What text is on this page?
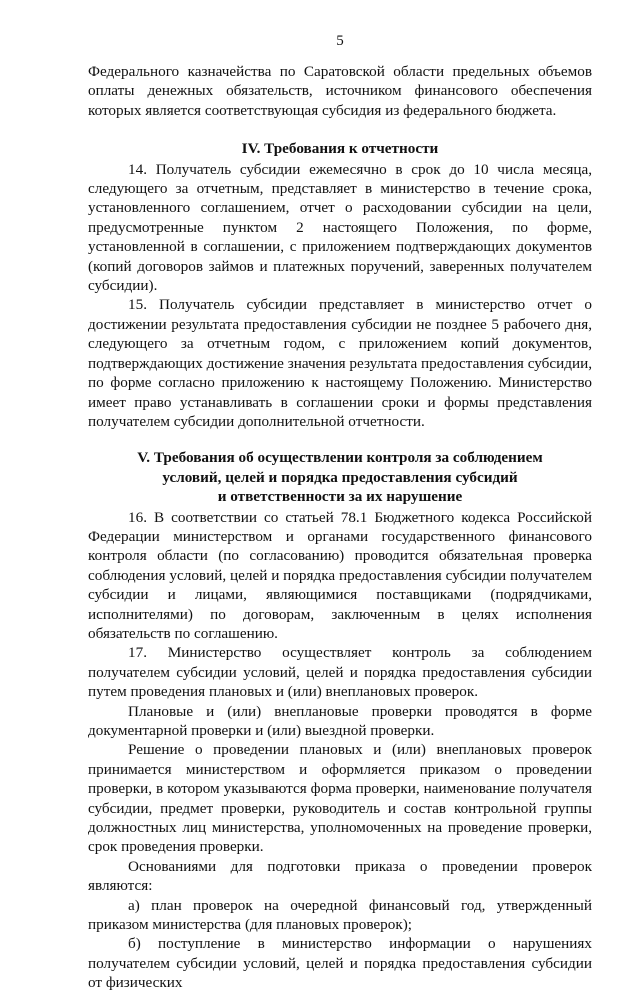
5

Федерального казначейства по Саратовской области предельных объемов оплаты денежных обязательств, источником финансового обеспечения которых является соответствующая субсидия из федерального бюджета.

IV. Требования к отчетности

14. Получатель субсидии ежемесячно в срок до 10 числа месяца, следующего за отчетным, представляет в министерство в течение срока, установленного соглашением, отчет о расходовании субсидии на цели, предусмотренные пунктом 2 настоящего Положения, по форме, установленной в соглашении, с приложением подтверждающих документов (копий договоров займов и платежных поручений, заверенных получателем субсидии).

15. Получатель субсидии представляет в министерство отчет о достижении результата предоставления субсидии не позднее 5 рабочего дня, следующего за отчетным годом, с приложением копий документов, подтверждающих достижение значения результата предоставления субсидии, по форме согласно приложению к настоящему Положению. Министерство имеет право устанавливать в соглашении сроки и формы представления получателем субсидии дополнительной отчетности.

V. Требования об осуществлении контроля за соблюдением

условий, целей и порядка предоставления субсидий

и ответственности за их нарушение

16. В соответствии со статьей 78.1 Бюджетного кодекса Российской Федерации министерством и органами государственного финансового контроля области (по согласованию) проводится обязательная проверка соблюдения условий, целей и порядка предоставления субсидии получателем субсидии и лицами, являющимися поставщиками (подрядчиками, исполнителями) по договорам, заключенным в целях исполнения обязательств по соглашению.

17. Министерство осуществляет контроль за соблюдением получателем субсидии условий, целей и порядка предоставления субсидии путем проведения плановых и (или) внеплановых проверок.

Плановые и (или) внеплановые проверки проводятся в форме документарной проверки и (или) выездной проверки.

Решение о проведении плановых и (или) внеплановых проверок принимается министерством и оформляется приказом о проведении проверки, в котором указываются форма проверки, наименование получателя субсидии, предмет проверки, руководитель и состав контрольной группы должностных лиц министерства, уполномоченных на проведение проверки, срок проведения проверки.

Основаниями для подготовки приказа о проведении проверок являются:

а) план проверок на очередной финансовый год, утвержденный приказом министерства (для плановых проверок);

б) поступление в министерство информации о нарушениях получателем субсидии условий, целей и порядка предоставления субсидии от физических
